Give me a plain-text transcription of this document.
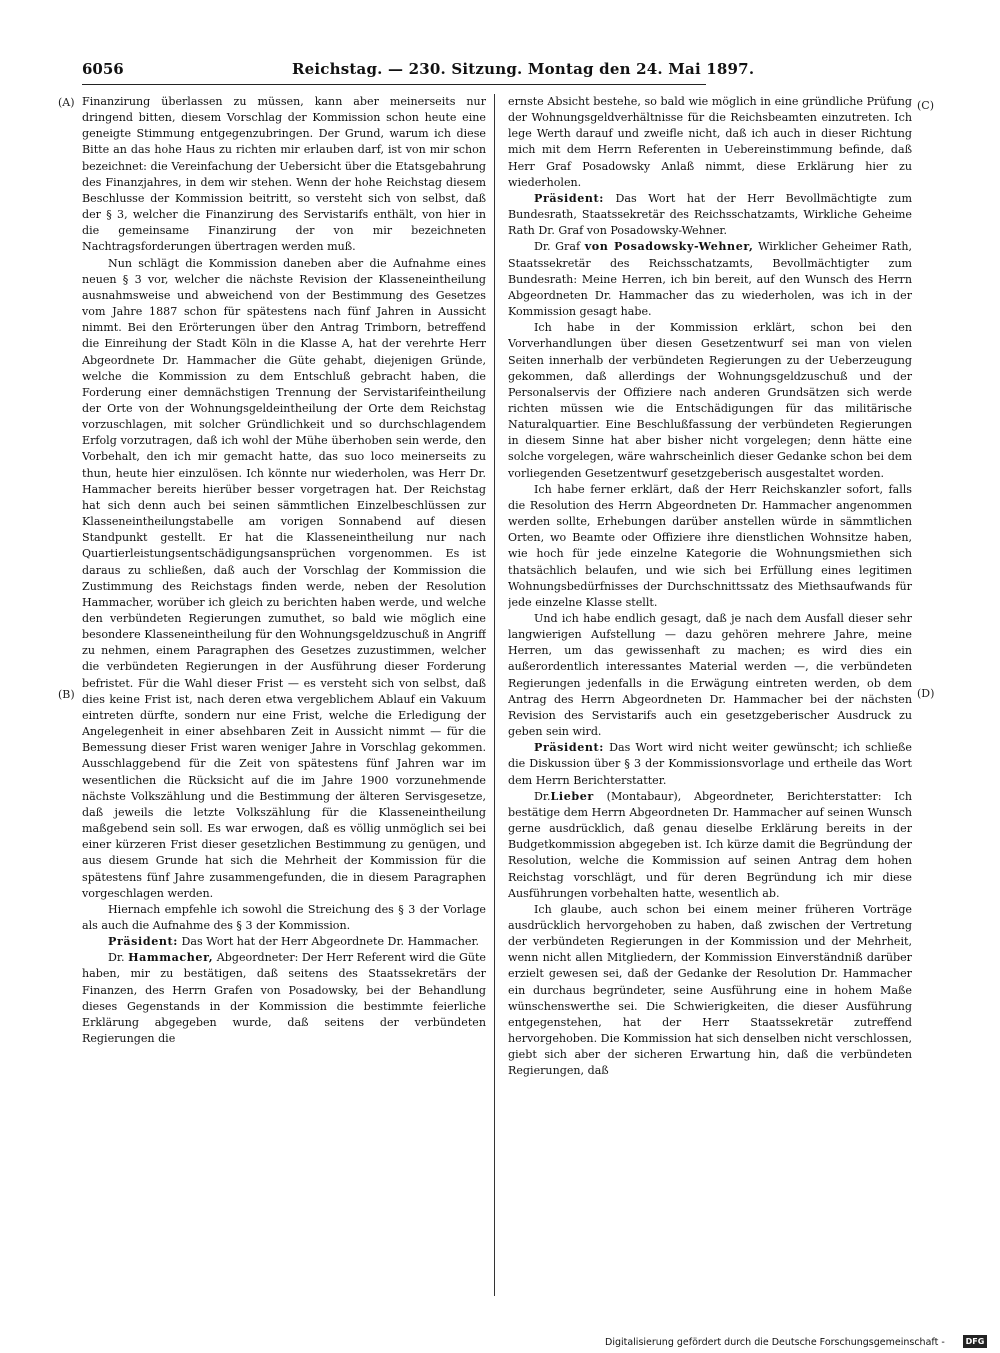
6056	Reichstag. — 230. Sitzung. Montag den 24. Mai 1897.
(A)
(B)
(C)
(D)

Finanzirung überlassen zu müssen, kann aber meinerseits nur dringend bitten, diesem Vorschlag der Kommission schon heute eine geneigte Stimmung entgegenzubringen. Der Grund, warum ich diese Bitte an das hohe Haus zu richten mir erlauben darf, ist von mir schon bezeichnet: die Vereinfachung der Uebersicht über die Etatsgebahrung des Finanzjahres, in dem wir stehen. Wenn der hohe Reichstag diesem Beschlusse der Kommission beitritt, so versteht sich von selbst, daß der § 3, welcher die Finanzirung des Servistarifs enthält, von hier in die gemeinsame Finanzirung der von mir bezeichneten Nachtragsforderungen übertragen werden muß.

Nun schlägt die Kommission daneben aber die Aufnahme eines neuen § 3 vor, welcher die nächste Revision der Klasseneintheilung ausnahmsweise und abweichend von der Bestimmung des Gesetzes vom Jahre 1887 schon für spätestens nach fünf Jahren in Aussicht nimmt. Bei den Erörterungen über den Antrag Trimborn, betreffend die Einreihung der Stadt Köln in die Klasse A, hat der verehrte Herr Abgeordnete Dr. Hammacher die Güte gehabt, diejenigen Gründe, welche die Kommission zu dem Entschluß gebracht haben, die Forderung einer demnächstigen Trennung der Servistarifeintheilung der Orte von der Wohnungsgeldeintheilung der Orte dem Reichstag vorzuschlagen, mit solcher Gründlichkeit und so durchschlagendem Erfolg vorzutragen, daß ich wohl der Mühe überhoben sein werde, den Vorbehalt, den ich mir gemacht hatte, das suo loco meinerseits zu thun, heute hier einzulösen. Ich könnte nur wiederholen, was Herr Dr. Hammacher bereits hierüber besser vorgetragen hat. Der Reichstag hat sich denn auch bei seinen sämmtlichen Einzelbeschlüssen zur Klasseneintheilungstabelle am vorigen Sonnabend auf diesen Standpunkt gestellt. Er hat die Klasseneintheilung nur nach Quartierleistungsentschädigungsansprüchen vorgenommen. Es ist daraus zu schließen, daß auch der Vorschlag der Kommission die Zustimmung des Reichstags finden werde, neben der Resolution Hammacher, worüber ich gleich zu berichten haben werde, und welche den verbündeten Regierungen zumuthet, so bald wie möglich eine besondere Klasseneintheilung für den Wohnungsgeldzuschuß in Angriff zu nehmen, einem Paragraphen des Gesetzes zuzustimmen, welcher die verbündeten Regierungen in der Ausführung dieser Forderung befristet. Für die Wahl dieser Frist — es versteht sich von selbst, daß dies keine Frist ist, nach deren etwa vergeblichem Ablauf ein Vakuum eintreten dürfte, sondern nur eine Frist, welche die Erledigung der Angelegenheit in einer absehbaren Zeit in Aussicht nimmt — für die Bemessung dieser Frist waren weniger Jahre in Vorschlag gekommen. Ausschlaggebend für die Zeit von spätestens fünf Jahren war im wesentlichen die Rücksicht auf die im Jahre 1900 vorzunehmende nächste Volkszählung und die Bestimmung der älteren Servisgesetze, daß jeweils die letzte Volkszählung für die Klasseneintheilung maßgebend sein soll. Es war erwogen, daß es völlig unmöglich sei bei einer kürzeren Frist dieser gesetzlichen Bestimmung zu genügen, und aus diesem Grunde hat sich die Mehrheit der Kommission für die spätestens fünf Jahre zusammengefunden, die in diesem Paragraphen vorgeschlagen werden.

Hiernach empfehle ich sowohl die Streichung des § 3 der Vorlage als auch die Aufnahme des § 3 der Kommission.

Präsident: Das Wort hat der Herr Abgeordnete Dr. Hammacher.

Dr. Hammacher, Abgeordneter: Der Herr Referent wird die Güte haben, mir zu bestätigen, daß seitens des Staatssekretärs der Finanzen, des Herrn Grafen von Posadowsky, bei der Behandlung dieses Gegenstands in der Kommission die bestimmte feierliche Erklärung abgegeben wurde, daß seitens der verbündeten Regierungen die

ernste Absicht bestehe, so bald wie möglich in eine gründliche Prüfung der Wohnungsgeldverhältnisse für die Reichsbeamten einzutreten. Ich lege Werth darauf und zweifle nicht, daß ich auch in dieser Richtung mich mit dem Herrn Referenten in Uebereinstimmung befinde, daß Herr Graf Posadowsky Anlaß nimmt, diese Erklärung hier zu wiederholen.

Präsident: Das Wort hat der Herr Bevollmächtigte zum Bundesrath, Staatssekretär des Reichsschatzamts, Wirkliche Geheime Rath Dr. Graf von Posadowsky-Wehner.

Dr. Graf von Posadowsky-Wehner, Wirklicher Geheimer Rath, Staatssekretär des Reichsschatzamts, Bevollmächtigter zum Bundesrath: Meine Herren, ich bin bereit, auf den Wunsch des Herrn Abgeordneten Dr. Hammacher das zu wiederholen, was ich in der Kommission gesagt habe.

Ich habe in der Kommission erklärt, schon bei den Vorverhandlungen über diesen Gesetzentwurf sei man von vielen Seiten innerhalb der verbündeten Regierungen zu der Ueberzeugung gekommen, daß allerdings der Wohnungsgeldzuschuß und der Personalservis der Offiziere nach anderen Grundsätzen sich werde richten müssen wie die Entschädigungen für das militärische Naturalquartier. Eine Beschlußfassung der verbündeten Regierungen in diesem Sinne hat aber bisher nicht vorgelegen; denn hätte eine solche vorgelegen, wäre wahrscheinlich dieser Gedanke schon bei dem vorliegenden Gesetzentwurf gesetzgeberisch ausgestaltet worden.

Ich habe ferner erklärt, daß der Herr Reichskanzler sofort, falls die Resolution des Herrn Abgeordneten Dr. Hammacher angenommen werden sollte, Erhebungen darüber anstellen würde in sämmtlichen Orten, wo Beamte oder Offiziere ihre dienstlichen Wohnsitze haben, wie hoch für jede einzelne Kategorie die Wohnungsmiethen sich thatsächlich belaufen, und wie sich bei Erfüllung eines legitimen Wohnungsbedürfnisses der Durchschnittssatz des Miethsaufwands für jede einzelne Klasse stellt.

Und ich habe endlich gesagt, daß je nach dem Ausfall dieser sehr langwierigen Aufstellung — dazu gehören mehrere Jahre, meine Herren, um das gewissenhaft zu machen; es wird dies ein außerordentlich interessantes Material werden —, die verbündeten Regierungen jedenfalls in die Erwägung eintreten werden, ob dem Antrag des Herrn Abgeordneten Dr. Hammacher bei der nächsten Revision des Servistarifs auch ein gesetzgeberischer Ausdruck zu geben sein wird.

Präsident: Das Wort wird nicht weiter gewünscht; ich schließe die Diskussion über § 3 der Kommissionsvorlage und ertheile das Wort dem Herrn Berichterstatter.

Dr.Lieber (Montabaur), Abgeordneter, Berichterstatter: Ich bestätige dem Herrn Abgeordneten Dr. Hammacher auf seinen Wunsch gerne ausdrücklich, daß genau dieselbe Erklärung bereits in der Budgetkommission abgegeben ist. Ich kürze damit die Begründung der Resolution, welche die Kommission auf seinen Antrag dem hohen Reichstag vorschlägt, und für deren Begründung ich mir diese Ausführungen vorbehalten hatte, wesentlich ab.

Ich glaube, auch schon bei einem meiner früheren Vorträge ausdrücklich hervorgehoben zu haben, daß zwischen der Vertretung der verbündeten Regierungen in der Kommission und der Mehrheit, wenn nicht allen Mitgliedern, der Kommission Einverständniß darüber erzielt gewesen sei, daß der Gedanke der Resolution Dr. Hammacher ein durchaus begründeter, seine Ausführung eine in hohem Maße wünschenswerthe sei. Die Schwierigkeiten, die dieser Ausführung entgegenstehen, hat der Herr Staatssekretär zutreffend hervorgehoben. Die Kommission hat sich denselben nicht verschlossen, giebt sich aber der sicheren Erwartung hin, daß die verbündeten Regierungen, daß

Digitalisierung gefördert durch die Deutsche Forschungsgemeinschaft -	DFG
